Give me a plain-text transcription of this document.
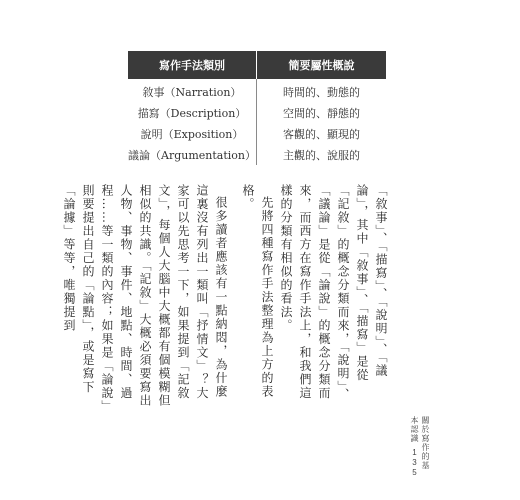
寫作手法類別	簡要屬性概說
敘事（Narration）	時間的、動態的
描寫（Description）	空間的、靜態的
說明（Exposition）	客觀的、顯現的
議論（Argumentation）	主觀的、說服的

「敘事」、「描寫」、「說明」、「議論」，其中「敘事」、「描寫」是從「記敘」的概念分類而來，「說明」、「議論」是從「論說」的概念分類而來，而西方在寫作手法上，和我們這樣的分類有相似的看法。

先將四種寫作手法整理為上方的表格。

很多讀者應該有一點納悶，為什麼這裏沒有列出一類叫「抒情文」？大家可以先思考一下，如果提到「記敘文」，每個人大腦中大概都有個模糊但相似的共識。「記敘」大概必須要寫出人物、事物、事件、地點、時間、過程……等一類的內容；如果是「論說」則要提出自己的「論點」，或是寫下「論據」等等，唯獨提到

關於寫作的基本認識
135
